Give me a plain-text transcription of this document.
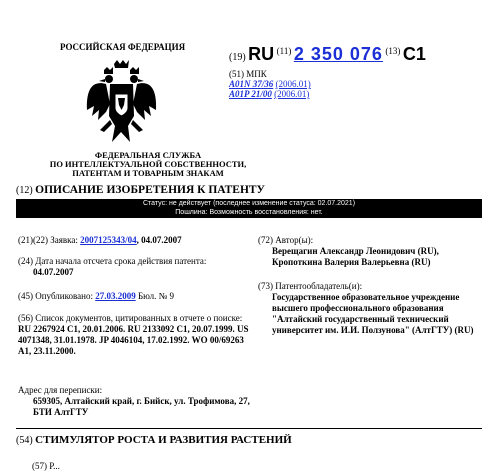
РОССИЙСКАЯ ФЕДЕРАЦИЯ
(19) RU (11) 2 350 076 (13) C1
(51) МПК
A01N 37/36 (2006.01)
A01P 21/00 (2006.01)
ФЕДЕРАЛЬНАЯ СЛУЖБА
ПО ИНТЕЛЛЕКТУАЛЬНОЙ СОБСТВЕННОСТИ,
ПАТЕНТАМ И ТОВАРНЫМ ЗНАКАМ
(12) ОПИСАНИЕ ИЗОБРЕТЕНИЯ К ПАТЕНТУ
Статус: не действует (последнее изменение статуса: 02.07.2021)
Пошлина: Возможность восстановления: нет.
(21)(22) Заявка: 2007125343/04, 04.07.2007
(24) Дата начала отсчета срока действия патента:
04.07.2007
(45) Опубликовано: 27.03.2009 Бюл. № 9
(56) Список документов, цитированных в отчете о поиске: RU 2267924 C1, 20.01.2006. RU 2133092 C1, 20.07.1999. US 4071348, 31.01.1978. JP 4046104, 17.02.1992. WO 00/69263 A1, 23.11.2000.
Адрес для переписки:
659305, Алтайский край, г. Бийск, ул. Трофимова, 27, БТИ АлтГТУ
(72) Автор(ы):
Верещагин Александр Леонидович (RU),
Кропоткина Валерия Валерьевна (RU)
(73) Патентообладатель(и):
Государственное образовательное учреждение высшего профессионального образования "Алтайский государственный технический университет им. И.И. Ползунова" (АлтГТУ) (RU)
(54) СТИМУЛЯТОР РОСТА И РАЗВИТИЯ РАСТЕНИЙ
(57) Р...
